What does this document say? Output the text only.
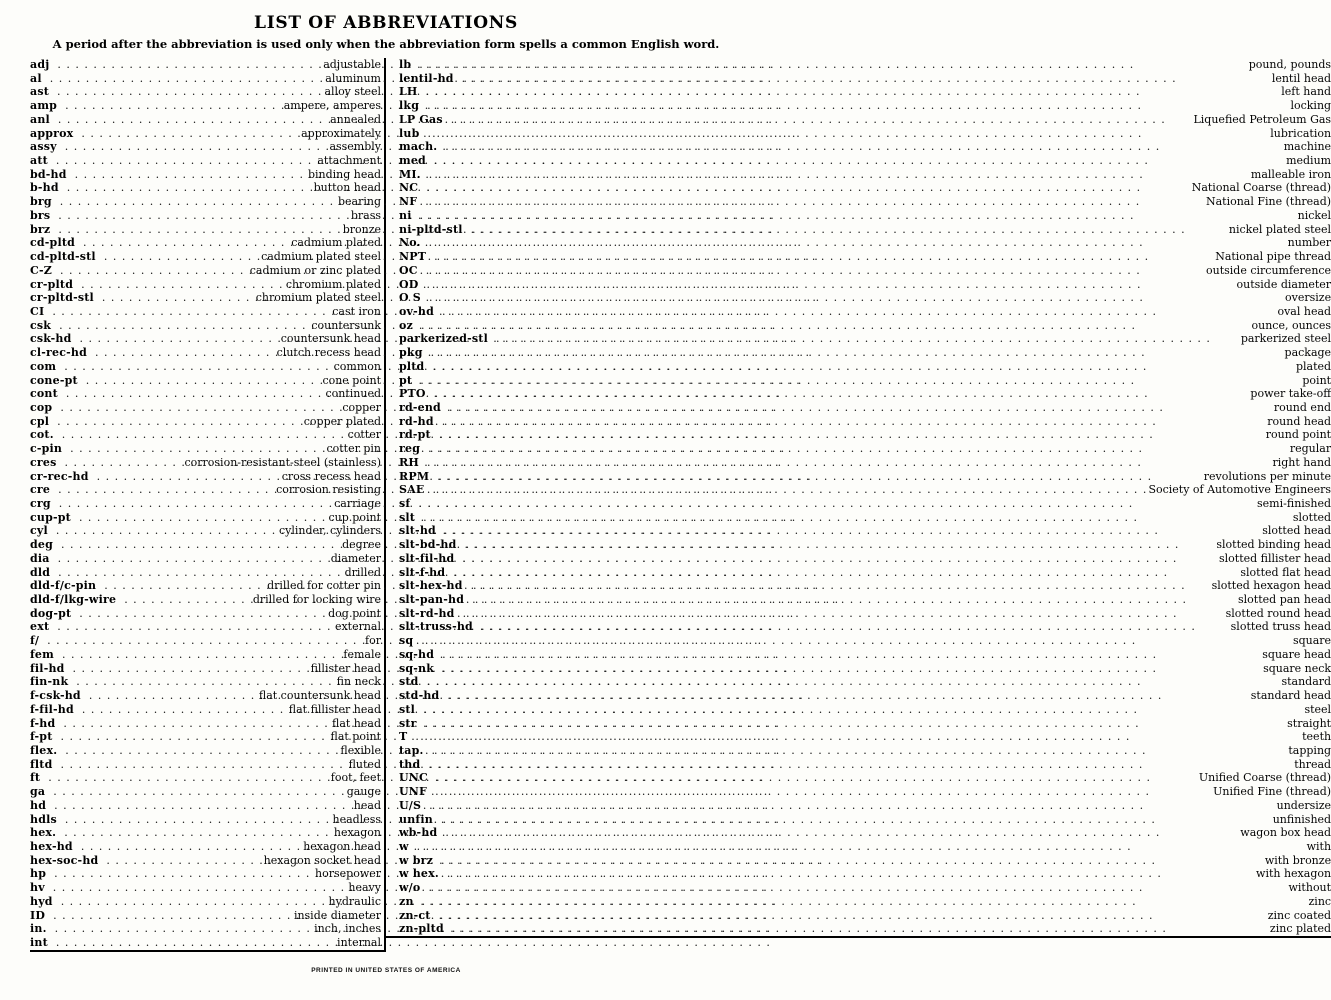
LIST OF ABBREVIATIONS
A period after the abbreviation is used only when the abbreviation form spells a common English word.
adj . . .	adjustable
al . . .	aluminum
ast . . .	alloy steel
amp . . .	ampere, amperes
anl . . .	annealed
approx . . .	approximately
assy . . .	assembly
att . . .	attachment
bd-hd . . .	binding head
b-hd . . .	button head
brg . . .	bearing
brs . . .	brass
brz . . .	bronze
cd-pltd . . .	cadmium plated
cd-pltd-stl . . .	cadmium plated steel
C-Z . . .	cadmium or zinc plated
cr-pltd . . .	chromium plated
cr-pltd-stl . . .	chromium plated steel
CI . . .	cast iron
csk . . .	countersunk
csk-hd . . .	countersunk head
cl-rec-hd . . .	clutch recess head
com . . .	common
cone-pt . . .	cone point
cont . . .	continued
cop . . .	copper
cpl . . .	copper plated
cot. . . .	cotter
c-pin . . .	cotter pin
cres . . .	corrosion-resistant-steel (stainless)
cr-rec-hd . . .	cross recess head
cre . . .	corrosion resisting
crg . . .	carriage
cup-pt . . .	cup point
cyl . . .	cylinder, cylinders
deg . . .	degree
dia . . .	diameter
dld . . .	drilled
dld-f/c-pin . . .	drilled for cotter pin
dld-f/lkg-wire . . .	drilled for locking wire
dog-pt . . .	dog point
ext . . .	external
f/ . . .	for
fem . . .	female
fil-hd . . .	fillister head
fin-nk . . .	fin neck
f-csk-hd . . .	flat countersunk head
f-fil-hd . . .	flat fillister head
f-hd . . .	flat head
f-pt . . .	flat point
flex. . . .	flexible
fltd . . .	fluted
ft . . .	foot, feet
ga . . .	gauge
hd . . .	head
hdls . . .	headless
hex. . . .	hexagon
hex-hd . . .	hexagon head
hex-soc-hd . . .	hexagon socket head
hp . . .	horsepower
hv . . .	heavy
hyd . . .	hydraulic
ID . . .	inside diameter
in. . . .	inch, inches
int . . .	internal
lb . . .	pound, pounds
lentil-hd . . .	lentil head
LH . . .	left hand
lkg . . .	locking
LP Gas . . .	Liquefied Petroleum Gas
lub . . .	lubrication
mach. . . .	machine
med . . .	medium
MI. . . .	malleable iron
NC . . .	National Coarse (thread)
NF . . .	National Fine (thread)
ni . . .	nickel
ni-pltd-stl . . .	nickel plated steel
No. . . .	number
NPT . . .	National pipe thread
OC . . .	outside circumference
OD . . .	outside diameter
O S . . .	oversize
ov-hd . . .	oval head
oz . . .	ounce, ounces
parkerized-stl . . .	parkerized steel
pkg . . .	package
pltd . . .	plated
pt . . .	point
PTO . . .	power take-off
rd-end . . .	round end
rd-hd . . .	round head
rd-pt . . .	round point
reg . . .	regular
RH . . .	right hand
RPM . . .	revolutions per minute
SAE . . .	Society of Automotive Engineers
sf . . .	semi-finished
slt . . .	slotted
slt-hd . . .	slotted head
slt-bd-hd . . .	slotted binding head
slt-fil-hd . . .	slotted fillister head
slt-f-hd . . .	slotted flat head
slt-hex-hd . . .	slotted hexagon head
slt-pan-hd . . .	slotted pan head
slt-rd-hd . . .	slotted round head
slt-truss-hd . . .	slotted truss head
sq . . .	square
sq-hd . . .	square head
sq-nk . . .	square neck
std . . .	standard
std-hd . . .	standard head
stl . . .	steel
str . . .	straight
T . . .	teeth
tap. . . .	tapping
thd . . .	thread
UNC . . .	Unified Coarse (thread)
UNF . . .	Unified Fine (thread)
U/S . . .	undersize
unfin . . .	unfinished
wb-hd . . .	wagon box head
w . . .	with
w brz . . .	with bronze
w hex. . . .	with hexagon
w/o . . .	without
zn . . .	zinc
zn-ct . . .	zinc coated
zn-pltd . . .	zinc plated
PRINTED IN UNITED STATES OF AMERICA
